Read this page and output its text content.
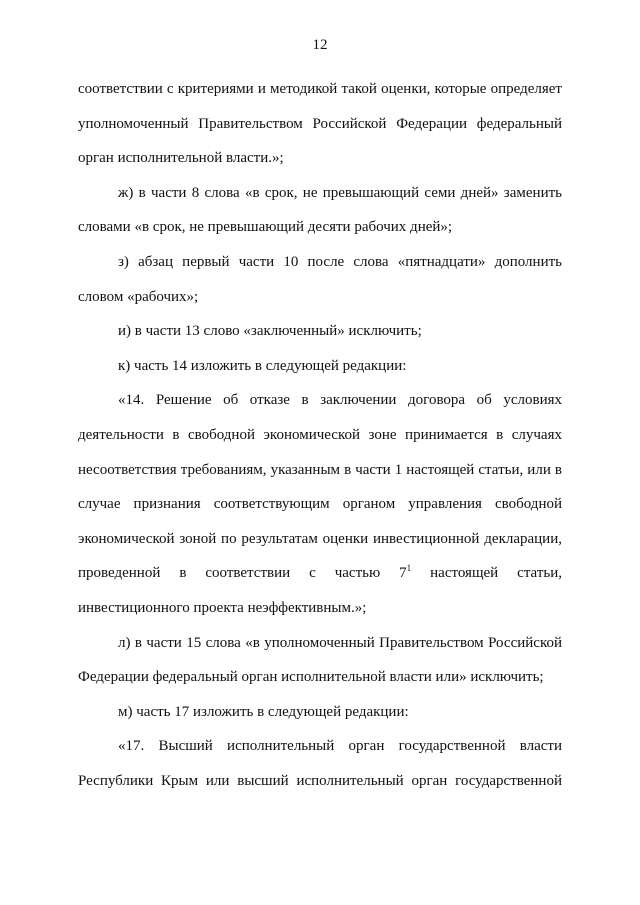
12

соответствии с критериями и методикой такой оценки, которые определяет уполномоченный Правительством Российской Федерации федеральный орган исполнительной власти.»;

ж) в части 8 слова «в срок, не превышающий семи дней» заменить словами «в срок, не превышающий десяти рабочих дней»;

з) абзац первый части 10 после слова «пятнадцати» дополнить словом «рабочих»;

и) в части 13 слово «заключенный» исключить;

к) часть 14 изложить в следующей редакции:

«14. Решение об отказе в заключении договора об условиях деятельности в свободной экономической зоне принимается в случаях несоответствия требованиям, указанным в части 1 настоящей статьи, или в случае признания соответствующим органом управления свободной экономической зоной по результатам оценки инвестиционной декларации, проведенной в соответствии с частью $7^1$ настоящей статьи, инвестиционного проекта неэффективным.»;

л) в части 15 слова «в уполномоченный Правительством Российской Федерации федеральный орган исполнительной власти или» исключить;

м) часть 17 изложить в следующей редакции:

«17. Высший исполнительный орган государственной власти Республики Крым или высший исполнительный орган государственной
